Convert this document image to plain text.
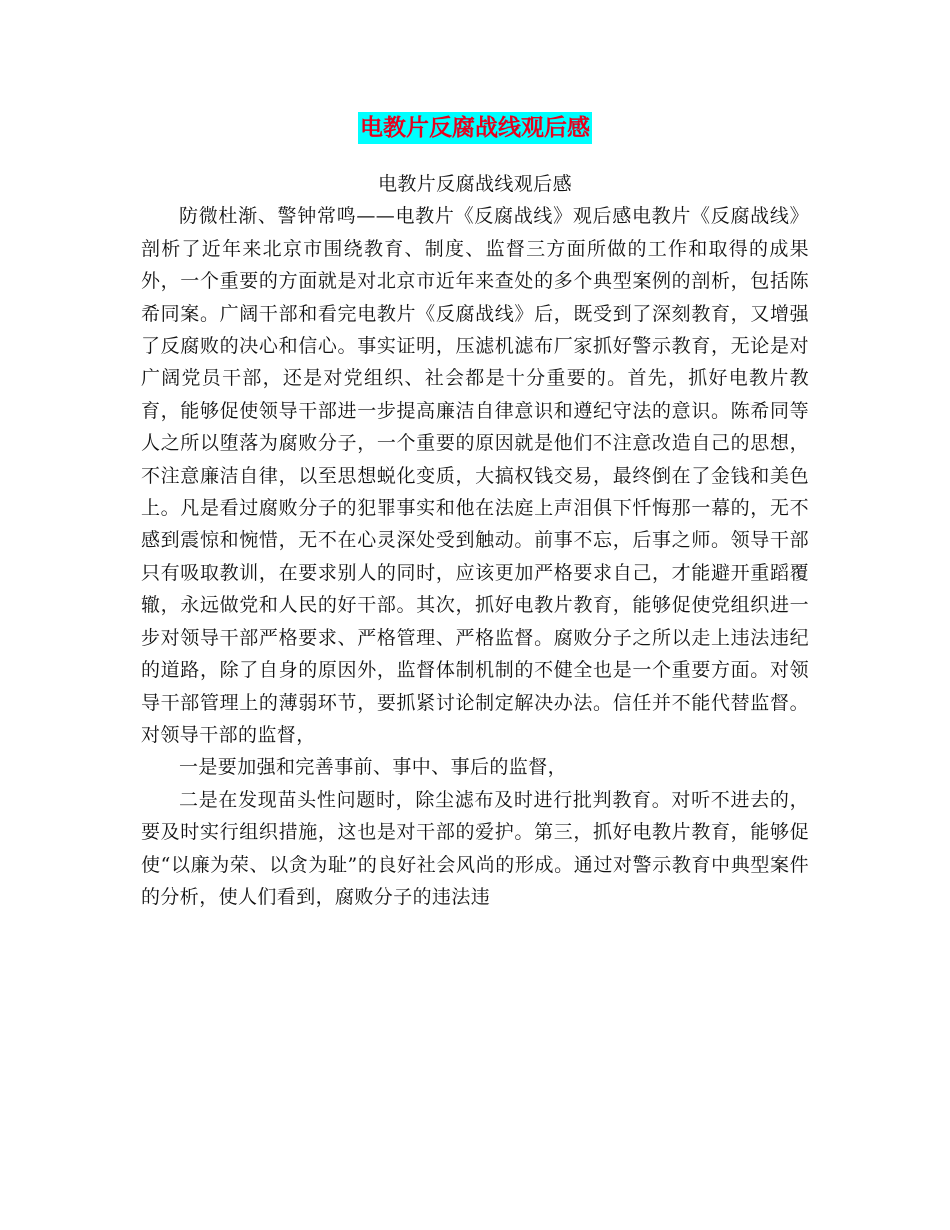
电教片反腐战线观后感

电教片反腐战线观后感

防微杜渐、警钟常鸣——电教片《反腐战线》观后感电教片《反腐战线》剖析了近年来北京市围绕教育、制度、监督三方面所做的工作和取得的成果外，一个重要的方面就是对北京市近年来查处的多个典型案例的剖析，包括陈希同案。广阔干部和看完电教片《反腐战线》后，既受到了深刻教育，又增强了反腐败的决心和信心。事实证明，压滤机滤布厂家抓好警示教育，无论是对广阔党员干部，还是对党组织、社会都是十分重要的。首先，抓好电教片教育，能够促使领导干部进一步提高廉洁自律意识和遵纪守法的意识。陈希同等人之所以堕落为腐败分子，一个重要的原因就是他们不注意改造自己的思想，不注意廉洁自律，以至思想蜕化变质，大搞权钱交易，最终倒在了金钱和美色上。凡是看过腐败分子的犯罪事实和他在法庭上声泪俱下忏悔那一幕的，无不感到震惊和惋惜，无不在心灵深处受到触动。前事不忘，后事之师。领导干部只有吸取教训，在要求别人的同时，应该更加严格要求自己，才能避开重蹈覆辙，永远做党和人民的好干部。其次，抓好电教片教育，能够促使党组织进一步对领导干部严格要求、严格管理、严格监督。腐败分子之所以走上违法违纪的道路，除了自身的原因外，监督体制机制的不健全也是一个重要方面。对领导干部管理上的薄弱环节，要抓紧讨论制定解决办法。信任并不能代替监督。对领导干部的监督，

一是要加强和完善事前、事中、事后的监督，

二是在发现苗头性问题时，除尘滤布及时进行批判教育。对听不进去的，要及时实行组织措施，这也是对干部的爱护。第三，抓好电教片教育，能够促使“以廉为荣、以贪为耻”的良好社会风尚的形成。通过对警示教育中典型案件的分析，使人们看到，腐败分子的违法违
